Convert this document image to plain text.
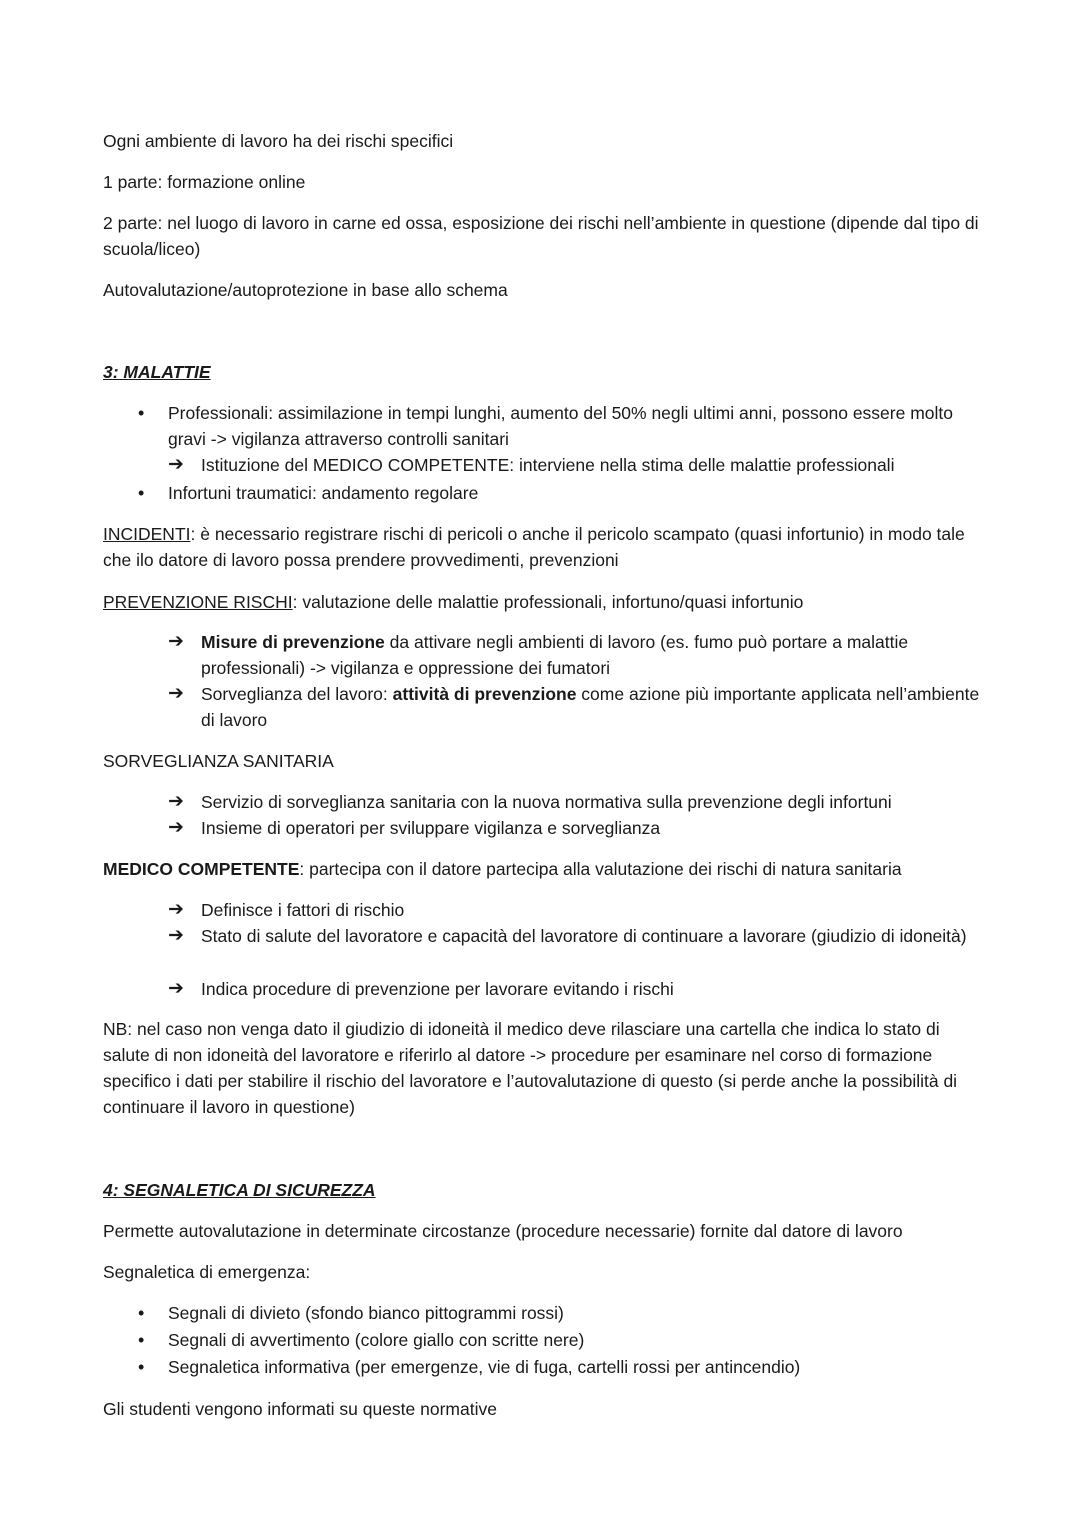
Ogni ambiente di lavoro ha dei rischi specifici

1 parte: formazione online

2 parte: nel luogo di lavoro in carne ed ossa, esposizione dei rischi nell’ambiente in questione (dipende dal tipo di scuola/liceo)

Autovalutazione/autoprotezione in base allo schema

3: MALATTIE

• Professionali: assimilazione in tempi lunghi, aumento del 50% negli ultimi anni, possono essere molto gravi -> vigilanza attraverso controlli sanitari

➔ Istituzione del MEDICO COMPETENTE: interviene nella stima delle malattie professionali

• Infortuni traumatici: andamento regolare

INCIDENTI: è necessario registrare rischi di pericoli o anche il pericolo scampato (quasi infortunio) in modo tale che ilo datore di lavoro possa prendere provvedimenti, prevenzioni

PREVENZIONE RISCHI: valutazione delle malattie professionali, infortuno/quasi infortunio

➔ Misure di prevenzione da attivare negli ambienti di lavoro (es. fumo può portare a malattie professionali) -> vigilanza e oppressione dei fumatori

➔ Sorveglianza del lavoro: attività di prevenzione come azione più importante applicata nell’ambiente di lavoro

SORVEGLIANZA SANITARIA

➔ Servizio di sorveglianza sanitaria con la nuova normativa sulla prevenzione degli infortuni

➔ Insieme di operatori per sviluppare vigilanza e sorveglianza

MEDICO COMPETENTE: partecipa con il datore partecipa alla valutazione dei rischi di natura sanitaria

➔ Definisce i fattori di rischio

➔ Stato di salute del lavoratore e capacità del lavoratore di continuare a lavorare (giudizio di idoneità)

➔ Indica procedure di prevenzione per lavorare evitando i rischi

NB: nel caso non venga dato il giudizio di idoneità il medico deve rilasciare una cartella che indica lo stato di salute di non idoneità del lavoratore e riferirlo al datore -> procedure per esaminare nel corso di formazione specifico i dati per stabilire il rischio del lavoratore e l’autovalutazione di questo (si perde anche la possibilità di continuare il lavoro in questione)

4: SEGNALETICA DI SICUREZZA

Permette autovalutazione in determinate circostanze (procedure necessarie) fornite dal datore di lavoro

Segnaletica di emergenza:

• Segnali di divieto (sfondo bianco pittogrammi rossi)

• Segnali di avvertimento (colore giallo con scritte nere)

• Segnaletica informativa (per emergenze, vie di fuga, cartelli rossi per antincendio)

Gli studenti vengono informati su queste normative
